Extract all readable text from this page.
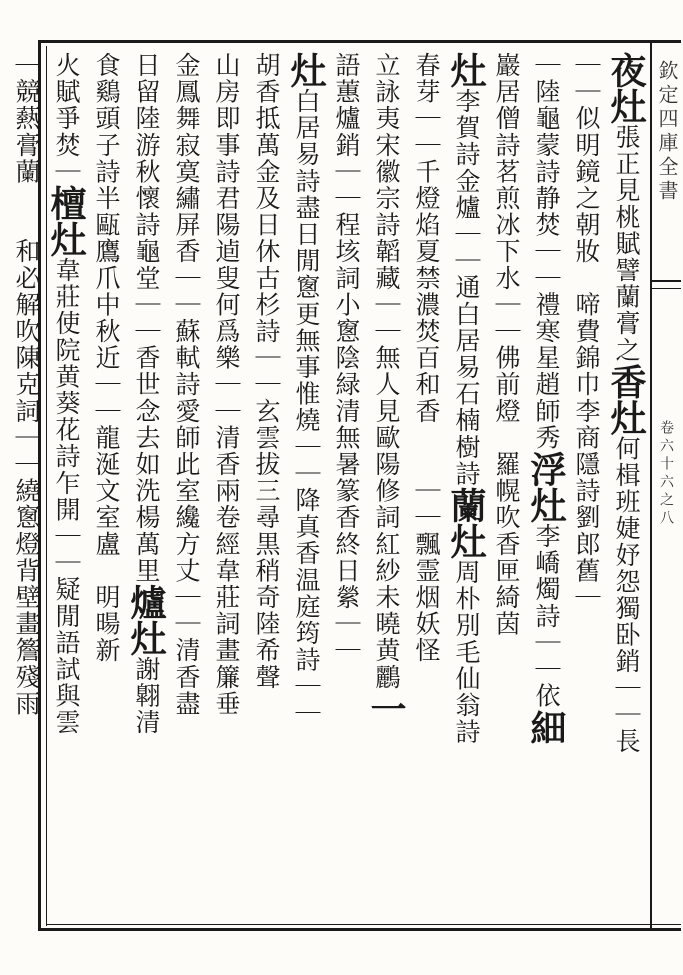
欽定四庫全書
卷六十六之八
夜灶張正見桃賦譬蘭膏之香灶何楫班婕妤怨獨卧銷｜｜長
｜｜似明鏡之朝妝　啼費錦巾李商隱詩劉郎舊｜
｜陸龜蒙詩静焚｜｜禮寒星趙師秀浮灶李嶠燭詩｜｜依細
巖居僧詩茗煎冰下水｜｜佛前燈　羅幌吹香匣綺茵
灶李賀詩金爐｜｜通白居易石楠樹詩蘭灶周朴別毛仙翁詩
春芽｜｜千燈焰夏禁濃焚百和香　　｜｜飄霊烟妖怪
立詠夷宋徽宗詩韜藏｜｜無人見歐陽修詞紅紗未曉黄鸝一
語蕙爐銷｜｜程垓詞小窻陰緑清無暑篆香終日縈｜｜
灶白居易詩盡日閒窻更無事惟燒｜｜降真香温庭筠詩｜｜
胡香抵萬金及日休古杉詩｜｜玄雲拔三尋黒稍奇陸希聲
山房即事詩君陽逌叟何爲樂｜｜清香兩卷經韋莊詞畫簾垂
金鳳舞寂寞繡屏香｜｜蘇軾詩愛師此室纔方丈｜｜清香盡
日留陸游秋懷詩龜堂｜｜香世念去如洗楊萬里爐灶謝翺清
食鷄頭子詩半甌鷹爪中秋近｜｜龍涎文室盧　明暘新
火賦爭焚｜檀灶韋莊使院黄葵花詩乍開｜｜疑閒語試與雲
｜競爇膏蘭　　和必解吹陳克詞｜｜繞窻燈背壁畫簷殘雨
